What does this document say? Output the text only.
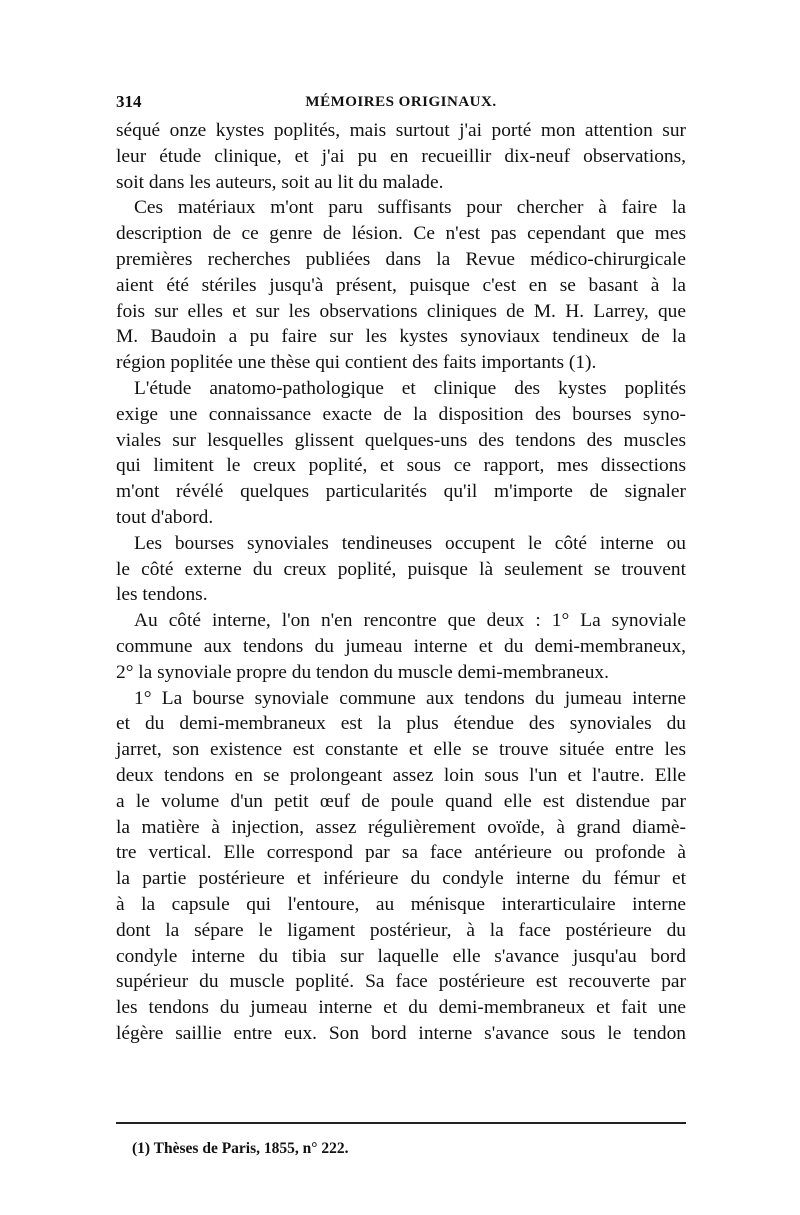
314	MÉMOIRES ORIGINAUX.
séqué onze kystes poplités, mais surtout j'ai porté mon attention sur
leur étude clinique, et j'ai pu en recueillir dix-neuf observations,
soit dans les auteurs, soit au lit du malade.
Ces matériaux m'ont paru suffisants pour chercher à faire la
description de ce genre de lésion. Ce n'est pas cependant que mes
premières recherches publiées dans la Revue médico-chirurgicale
aient été stériles jusqu'à présent, puisque c'est en se basant à la
fois sur elles et sur les observations cliniques de M. H. Larrey, que
M. Baudoin a pu faire sur les kystes synoviaux tendineux de la
région poplitée une thèse qui contient des faits importants (1).
L'étude anatomo-pathologique et clinique des kystes poplités
exige une connaissance exacte de la disposition des bourses syno-
viales sur lesquelles glissent quelques-uns des tendons des muscles
qui limitent le creux poplité, et sous ce rapport, mes dissections
m'ont révélé quelques particularités qu'il m'importe de signaler
tout d'abord.
Les bourses synoviales tendineuses occupent le côté interne ou
le côté externe du creux poplité, puisque là seulement se trouvent
les tendons.
Au côté interne, l'on n'en rencontre que deux : 1° La synoviale
commune aux tendons du jumeau interne et du demi-membraneux,
2° la synoviale propre du tendon du muscle demi-membraneux.
1° La bourse synoviale commune aux tendons du jumeau interne
et du demi-membraneux est la plus étendue des synoviales du
jarret, son existence est constante et elle se trouve située entre les
deux tendons en se prolongeant assez loin sous l'un et l'autre. Elle
a le volume d'un petit œuf de poule quand elle est distendue par
la matière à injection, assez régulièrement ovoïde, à grand diamè-
tre vertical. Elle correspond par sa face antérieure ou profonde à
la partie postérieure et inférieure du condyle interne du fémur et
à la capsule qui l'entoure, au ménisque interarticulaire interne
dont la sépare le ligament postérieur, à la face postérieure du
condyle interne du tibia sur laquelle elle s'avance jusqu'au bord
supérieur du muscle poplité. Sa face postérieure est recouverte par
les tendons du jumeau interne et du demi-membraneux et fait une
légère saillie entre eux. Son bord interne s'avance sous le tendon
(1) Thèses de Paris, 1855, n° 222.
